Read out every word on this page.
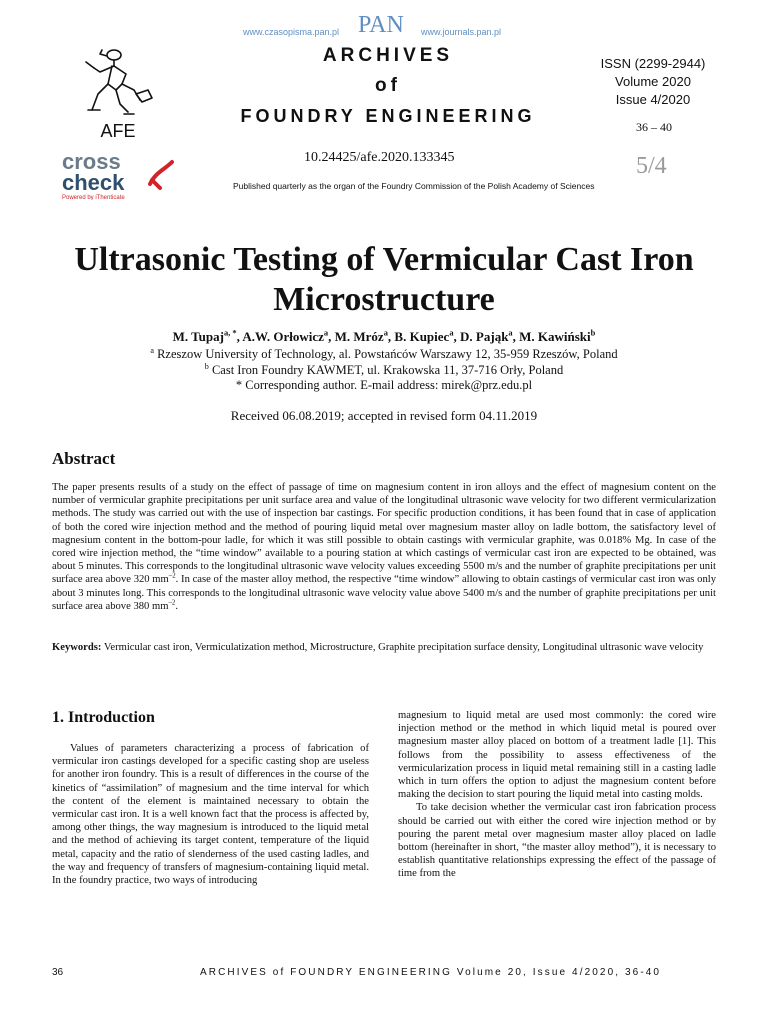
www.czasopisma.pan.pl PAN www.journals.pan.pl
AFE
cross
check
Powered by iThenticate
ARCHIVES
of
FOUNDRY ENGINEERING
ISSN (2299-2944)
Volume 2020
Issue 4/2020
36 – 40
5/4
10.24425/afe.2020.133345
Published quarterly as the organ of the Foundry Commission of the Polish Academy of Sciences
Ultrasonic Testing of Vermicular Cast Iron Microstructure
M. Tupaj$^{a, *}$, A.W. Orłowicz$^a$, M. Mróz$^a$, B. Kupiec$^a$, D. Pająk$^a$, M. Kawiński$^b$
$^a$ Rzeszow University of Technology, al. Powstańców Warszawy 12, 35-959 Rzeszów, Poland
$^b$ Cast Iron Foundry KAWMET, ul. Krakowska 11, 37-716 Orły, Poland
* Corresponding author. E-mail address: mirek@prz.edu.pl
Received 06.08.2019; accepted in revised form 04.11.2019
Abstract
The paper presents results of a study on the effect of passage of time on magnesium content in iron alloys and the effect of magnesium content on the number of vermicular graphite precipitations per unit surface area and value of the longitudinal ultrasonic wave velocity for two different vermicularization methods. The study was carried out with the use of inspection bar castings. For specific production conditions, it has been found that in case of application of both the cored wire injection method and the method of pouring liquid metal over magnesium master alloy on ladle bottom, the satisfactory level of magnesium content in the bottom-pour ladle, for which it was still possible to obtain castings with vermicular graphite, was 0.018% Mg. In case of the cored wire injection method, the “time window” available to a pouring station at which castings of vermicular cast iron are expected to be obtained, was about 5 minutes. This corresponds to the longitudinal ultrasonic wave velocity values exceeding 5500 m/s and the number of graphite precipitations per unit surface area above 320 $mm^{-2}$. In case of the master alloy method, the respective “time window” allowing to obtain castings of vermicular cast iron was only about 3 minutes long. This corresponds to the longitudinal ultrasonic wave velocity value above 5400 m/s and the number of graphite precipitations per unit surface area above 380 $mm^{-2}$.
Keywords: Vermicular cast iron, Vermiculatization method, Microstructure, Graphite precipitation surface density, Longitudinal ultrasonic wave velocity
1. Introduction

Values of parameters characterizing a process of fabrication of vermicular iron castings developed for a specific casting shop are useless for another iron foundry. This is a result of differences in the course of the kinetics of “assimilation” of magnesium and the time interval for which the content of the element is maintained necessary to obtain the vermicular cast iron. It is a well known fact that the process is affected by, among other things, the way magnesium is introduced to the liquid metal and the method of achieving its target content, temperature of the liquid metal, capacity and the ratio of slenderness of the used casting ladles, and the way and frequency of transfers of magnesium-containing liquid metal. In the foundry practice, two ways of introducing

magnesium to liquid metal are used most commonly: the cored wire injection method or the method in which liquid metal is poured over magnesium master alloy placed on bottom of a treatment ladle [1]. This follows from the possibility to assess effectiveness of the vermicularization process in liquid metal remaining still in a casting ladle which in turn offers the option to adjust the magnesium content before making the decision to start pouring the liquid metal into casting molds.

To take decision whether the vermicular cast iron fabrication process should be carried out with either the cored wire injection method or by pouring the parent metal over magnesium master alloy placed on ladle bottom (hereinafter in short, “the master alloy method”), it is necessary to establish quantitative relationships expressing the effect of the passage of time from the

36	ARCHIVES of FOUNDRY ENGINEERING Volume 20, Issue 4/2020, 36-40
